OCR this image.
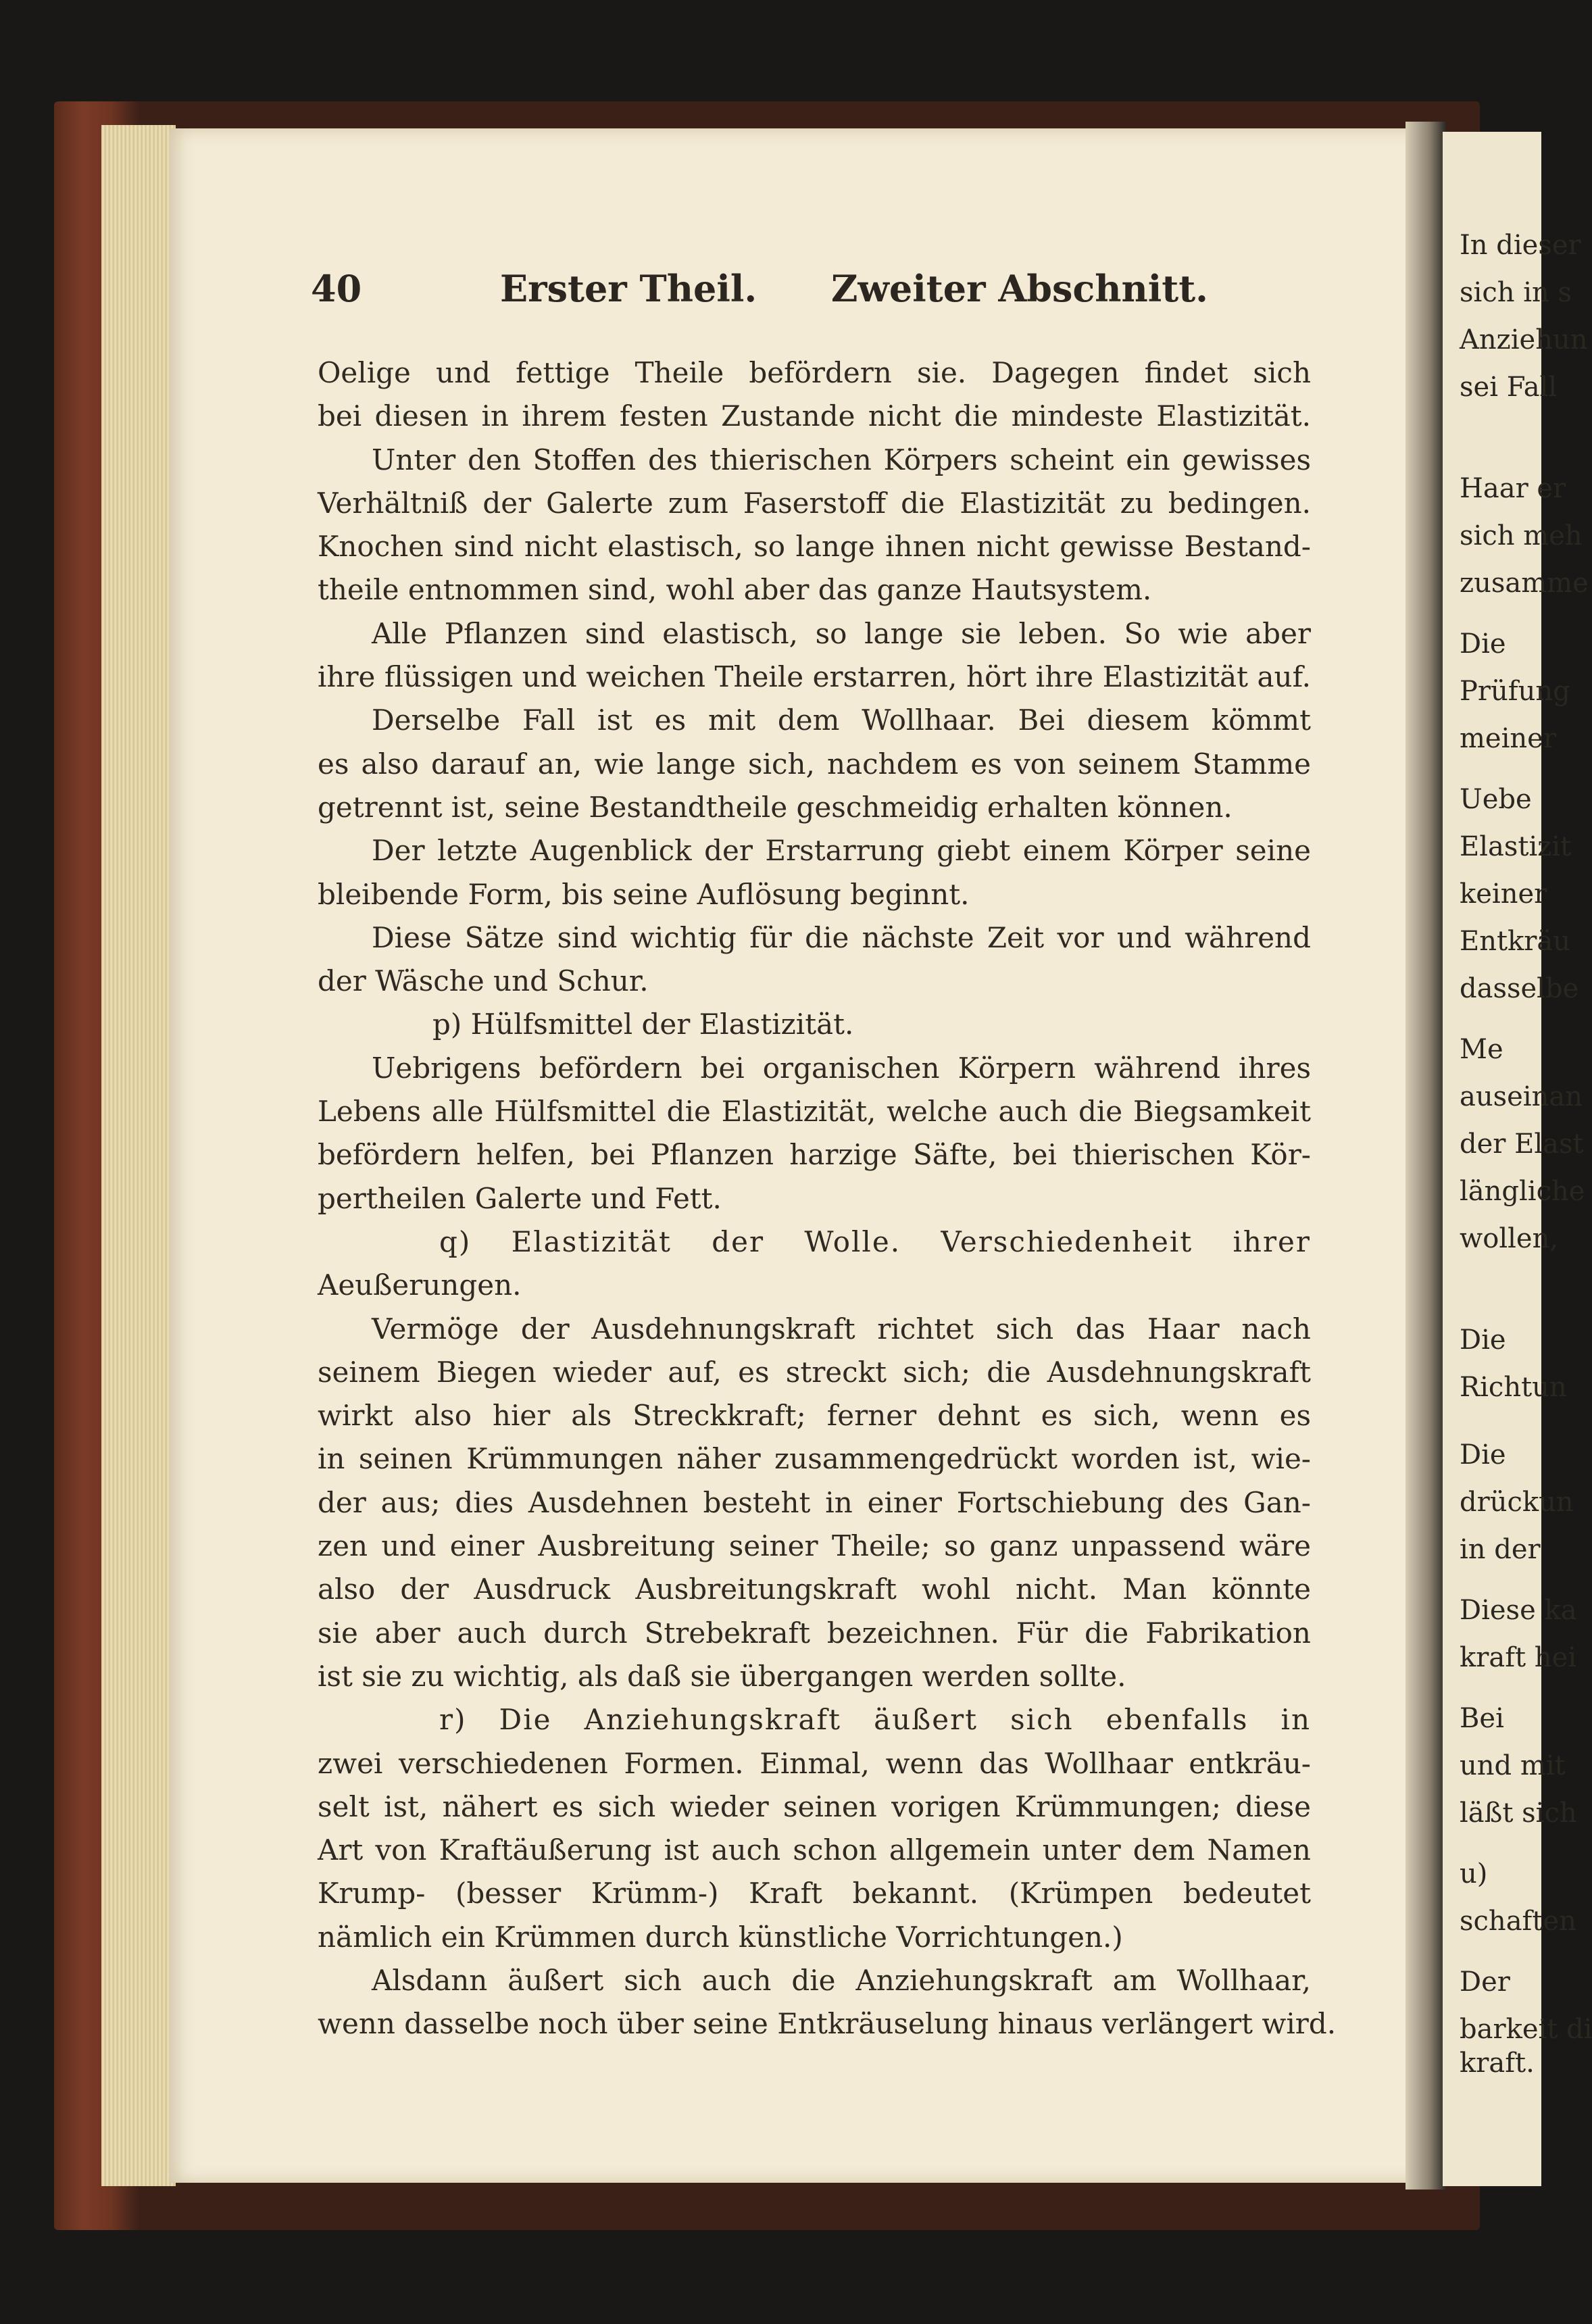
In dieser
sich in s
Anziehun
sei Fall
Haar er
sich meh
zusamme
Die
Prüfung
meiner
Uebe
Elastizit
keiner
Entkräu
dasselbe
Me
auseinan
der Elast
längliche
wollen,
Die
Richtun
Die
drückun
in der
Diese ka
kraft hei
Bei
und mit
läßt sich
u)
schaften
Der
barkeit di
kraft.
40	Erster Theil. Zweiter Abschnitt.
Oelige und fettige Theile befördern sie. Dagegen findet sich
bei diesen in ihrem festen Zustande nicht die mindeste Elastizität.
Unter den Stoffen des thierischen Körpers scheint ein gewisses
Verhältniß der Galerte zum Faserstoff die Elastizität zu bedingen.
Knochen sind nicht elastisch, so lange ihnen nicht gewisse Bestand-
theile entnommen sind, wohl aber das ganze Hautsystem.
Alle Pflanzen sind elastisch, so lange sie leben. So wie aber
ihre flüssigen und weichen Theile erstarren, hört ihre Elastizität auf.
Derselbe Fall ist es mit dem Wollhaar. Bei diesem kömmt
es also darauf an, wie lange sich, nachdem es von seinem Stamme
getrennt ist, seine Bestandtheile geschmeidig erhalten können.
Der letzte Augenblick der Erstarrung giebt einem Körper seine
bleibende Form, bis seine Auflösung beginnt.
Diese Sätze sind wichtig für die nächste Zeit vor und während
der Wäsche und Schur.
p) Hülfsmittel der Elastizität.
Uebrigens befördern bei organischen Körpern während ihres
Lebens alle Hülfsmittel die Elastizität, welche auch die Biegsamkeit
befördern helfen, bei Pflanzen harzige Säfte, bei thierischen Kör-
pertheilen Galerte und Fett.
q) Elastizität der Wolle. Verschiedenheit ihrer
Aeußerungen.
Vermöge der Ausdehnungskraft richtet sich das Haar nach
seinem Biegen wieder auf, es streckt sich; die Ausdehnungskraft
wirkt also hier als Streckkraft; ferner dehnt es sich, wenn es
in seinen Krümmungen näher zusammengedrückt worden ist, wie-
der aus; dies Ausdehnen besteht in einer Fortschiebung des Gan-
zen und einer Ausbreitung seiner Theile; so ganz unpassend wäre
also der Ausdruck Ausbreitungskraft wohl nicht. Man könnte
sie aber auch durch Strebekraft bezeichnen. Für die Fabrikation
ist sie zu wichtig, als daß sie übergangen werden sollte.
r) Die Anziehungskraft äußert sich ebenfalls in
zwei verschiedenen Formen. Einmal, wenn das Wollhaar entkräu-
selt ist, nähert es sich wieder seinen vorigen Krümmungen; diese
Art von Kraftäußerung ist auch schon allgemein unter dem Namen
Krump- (besser Krümm-) Kraft bekannt. (Krümpen bedeutet
nämlich ein Krümmen durch künstliche Vorrichtungen.)
Alsdann äußert sich auch die Anziehungskraft am Wollhaar,
wenn dasselbe noch über seine Entkräuselung hinaus verlängert wird.
